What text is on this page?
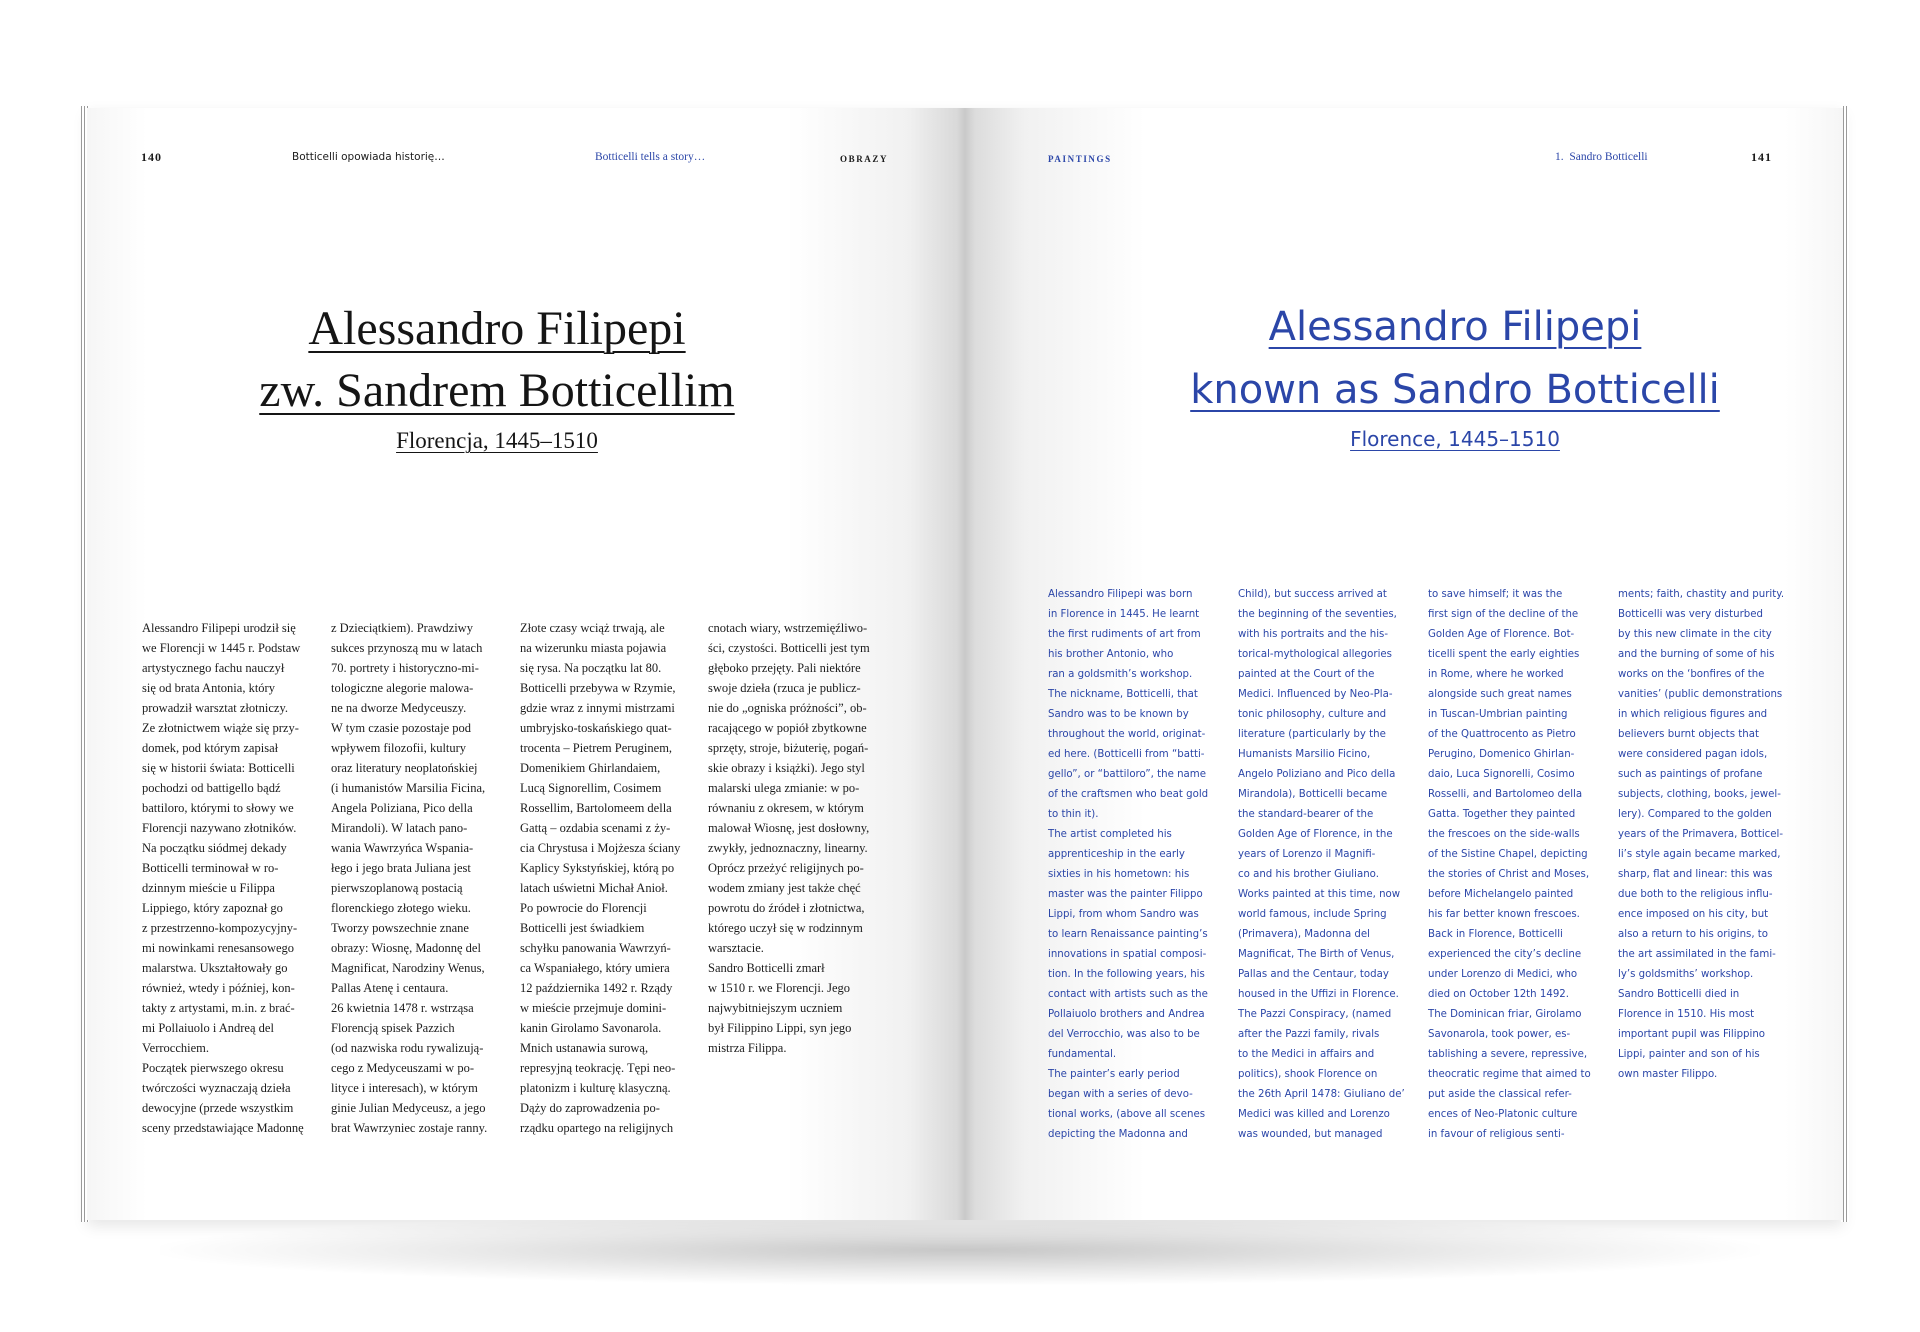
140	Botticelli opowiada historię…	Botticelli tells a story…	OBRAZY
Alessandro Filipepi
zw. Sandrem Botticellim
Florencja, 1445–1510

Alessandro Filipepi urodził się
we Florencji w 1445 r. Podstaw
artystycznego fachu nauczył
się od brata Antonia, który
prowadził warsztat złotniczy.
Ze złotnictwem wiąże się przy-
domek, pod którym zapisał
się w historii świata: Botticelli
pochodzi od battigello bądź
battiloro, którymi to słowy we
Florencji nazywano złotników.
Na początku siódmej dekady
Botticelli terminował w ro-
dzinnym mieście u Filippa
Lippiego, który zapoznał go
z przestrzenno-kompozycyjny-
mi nowinkami renesansowego
malarstwa. Ukształtowały go
również, wtedy i później, kon-
takty z artystami, m.in. z brać-
mi Pollaiuolo i Andreą del
Verrocchiem.
Początek pierwszego okresu
twórczości wyznaczają dzieła
dewocyjne (przede wszystkim
sceny przedstawiające Madonnę

z Dzieciątkiem). Prawdziwy
sukces przynoszą mu w latach
70. portrety i historyczno-mi-
tologiczne alegorie malowa-
ne na dworze Medyceuszy.
W tym czasie pozostaje pod
wpływem filozofii, kultury
oraz literatury neoplatońskiej
(i humanistów Marsilia Ficina,
Angela Poliziana, Pico della
Mirandoli). W latach pano-
wania Wawrzyńca Wspania-
łego i jego brata Juliana jest
pierwszoplanową postacią
florenckiego złotego wieku.
Tworzy powszechnie znane
obrazy: Wiosnę, Madonnę del
Magnificat, Narodziny Wenus,
Pallas Atenę i centaura.
26 kwietnia 1478 r. wstrząsa
Florencją spisek Pazzich
(od nazwiska rodu rywalizują-
cego z Medyceuszami w po-
lityce i interesach), w którym
ginie Julian Medyceusz, a jego
brat Wawrzyniec zostaje ranny.

Złote czasy wciąż trwają, ale
na wizerunku miasta pojawia
się rysa. Na początku lat 80.
Botticelli przebywa w Rzymie,
gdzie wraz z innymi mistrzami
umbryjsko-toskańskiego quat-
trocenta – Pietrem Peruginem,
Domenikiem Ghirlandaiem,
Lucą Signorellim, Cosimem
Rossellim, Bartolomeem della
Gattą – ozdabia scenami z ży-
cia Chrystusa i Mojżesza ściany
Kaplicy Sykstyńskiej, którą po
latach uświetni Michał Anioł.
Po powrocie do Florencji
Botticelli jest świadkiem
schyłku panowania Wawrzyń-
ca Wspaniałego, który umiera
12 października 1492 r. Rządy
w mieście przejmuje domini-
kanin Girolamo Savonarola.
Mnich ustanawia surową,
represyjną teokrację. Tępi neo-
platonizm i kulturę klasyczną.
Dąży do zaprowadzenia po-
rządku opartego na religijnych

cnotach wiary, wstrzemięźliwo-
ści, czystości. Botticelli jest tym
głęboko przejęty. Pali niektóre
swoje dzieła (rzuca je publicz-
nie do „ogniska próżności”, ob-
racającego w popiół zbytkowne
sprzęty, stroje, biżuterię, pogań-
skie obrazy i książki). Jego styl
malarski ulega zmianie: w po-
równaniu z okresem, w którym
malował Wiosnę, jest dosłowny,
zwykły, jednoznaczny, linearny.
Oprócz przeżyć religijnych po-
wodem zmiany jest także chęć
powrotu do źródeł i złotnictwa,
którego uczył się w rodzinnym
warsztacie.
Sandro Botticelli zmarł
w 1510 r. we Florencji. Jego
najwybitniejszym uczniem
był Filippino Lippi, syn jego
mistrza Filippa.

PAINTINGS	1.  Sandro Botticelli	141
Alessandro Filipepi
known as Sandro Botticelli
Florence, 1445–1510

Alessandro Filipepi was born
in Florence in 1445. He learnt
the first rudiments of art from
his brother Antonio, who
ran a goldsmith’s workshop.
The nickname, Botticelli, that
Sandro was to be known by
throughout the world, originat-
ed here. (Botticelli from “batti-
gello”, or “battiloro”, the name
of the craftsmen who beat gold
to thin it).
The artist completed his
apprenticeship in the early
sixties in his hometown: his
master was the painter Filippo
Lippi, from whom Sandro was
to learn Renaissance painting’s
innovations in spatial composi-
tion. In the following years, his
contact with artists such as the
Pollaiuolo brothers and Andrea
del Verrocchio, was also to be
fundamental.
The painter’s early period
began with a series of devo-
tional works, (above all scenes
depicting the Madonna and

Child), but success arrived at
the beginning of the seventies,
with his portraits and the his-
torical-mythological allegories
painted at the Court of the
Medici. Influenced by Neo-Pla-
tonic philosophy, culture and
literature (particularly by the
Humanists Marsilio Ficino,
Angelo Poliziano and Pico della
Mirandola), Botticelli became
the standard-bearer of the
Golden Age of Florence, in the
years of Lorenzo il Magnifi-
co and his brother Giuliano.
Works painted at this time, now
world famous, include Spring
(Primavera), Madonna del
Magnificat, The Birth of Venus,
Pallas and the Centaur, today
housed in the Uffizi in Florence.
The Pazzi Conspiracy, (named
after the Pazzi family, rivals
to the Medici in affairs and
politics), shook Florence on
the 26th April 1478: Giuliano de’
Medici was killed and Lorenzo
was wounded, but managed

to save himself; it was the
first sign of the decline of the
Golden Age of Florence. Bot-
ticelli spent the early eighties
in Rome, where he worked
alongside such great names
in Tuscan-Umbrian painting
of the Quattrocento as Pietro
Perugino, Domenico Ghirlan-
daio, Luca Signorelli, Cosimo
Rosselli, and Bartolomeo della
Gatta. Together they painted
the frescoes on the side-walls
of the Sistine Chapel, depicting
the stories of Christ and Moses,
before Michelangelo painted
his far better known frescoes.
Back in Florence, Botticelli
experienced the city’s decline
under Lorenzo di Medici, who
died on October 12th 1492.
The Dominican friar, Girolamo
Savonarola, took power, es-
tablishing a severe, repressive,
theocratic regime that aimed to
put aside the classical refer-
ences of Neo-Platonic culture
in favour of religious senti-

ments; faith, chastity and purity.
Botticelli was very disturbed
by this new climate in the city
and the burning of some of his
works on the ‘bonfires of the
vanities’ (public demonstrations
in which religious figures and
believers burnt objects that
were considered pagan idols,
such as paintings of profane
subjects, clothing, books, jewel-
lery). Compared to the golden
years of the Primavera, Botticel-
li’s style again became marked,
sharp, flat and linear: this was
due both to the religious influ-
ence imposed on his city, but
also a return to his origins, to
the art assimilated in the fami-
ly’s goldsmiths’ workshop.
Sandro Botticelli died in
Florence in 1510. His most
important pupil was Filippino
Lippi, painter and son of his
own master Filippo.
